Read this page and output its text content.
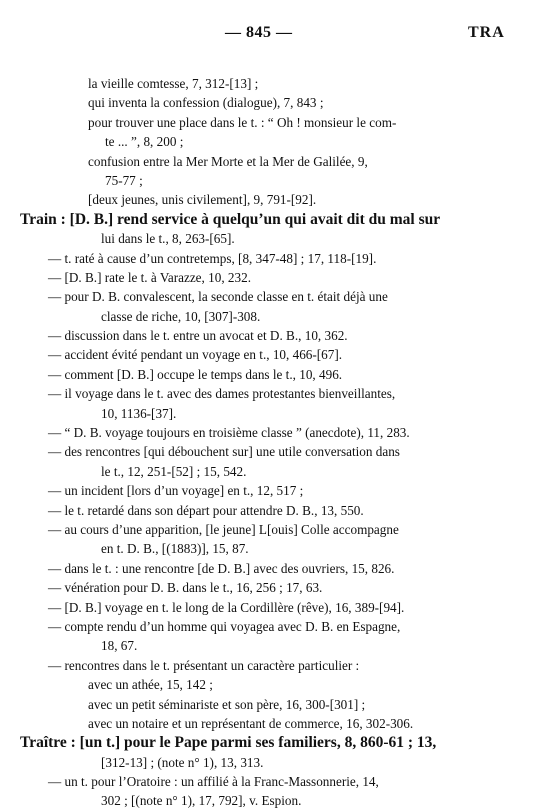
— 845 —	TRA
la vieille comtesse, 7, 312-[13] ;
qui inventa la confession (dialogue), 7, 843 ;
pour trouver une place dans le t. : “ Oh ! monsieur le com-
te ... ”, 8, 200 ;
confusion entre la Mer Morte et la Mer de Galilée, 9,
75-77 ;
[deux jeunes, unis civilement], 9, 791-[92].
Train : [D. B.] rend service à quelqu’un qui avait dit du mal sur
lui dans le t., 8, 263-[65].
— t. raté à cause d’un contretemps, [8, 347-48] ; 17, 118-[19].
— [D. B.] rate le t. à Varazze, 10, 232.
— pour D. B. convalescent, la seconde classe en t. était déjà une
classe de riche, 10, [307]-308.
— discussion dans le t. entre un avocat et D. B., 10, 362.
— accident évité pendant un voyage en t., 10, 466-[67].
— comment [D. B.] occupe le temps dans le t., 10, 496.
— il voyage dans le t. avec des dames protestantes bienveillantes,
10, 1136-[37].
— “ D. B. voyage toujours en troisième classe ” (anecdote), 11, 283.
— des rencontres [qui débouchent sur] une utile conversation dans
le t., 12, 251-[52] ; 15, 542.
— un incident [lors d’un voyage] en t., 12, 517 ;
— le t. retardé dans son départ pour attendre D. B., 13, 550.
— au cours d’une apparition, [le jeune] L[ouis] Colle accompagne
en t. D. B., [(1883)], 15, 87.
— dans le t. : une rencontre [de D. B.] avec des ouvriers, 15, 826.
— vénération pour D. B. dans le t., 16, 256 ; 17, 63.
— [D. B.] voyage en t. le long de la Cordillère (rêve), 16, 389-[94].
— compte rendu d’un homme qui voyagea avec D. B. en Espagne,
18, 67.
— rencontres dans le t. présentant un caractère particulier :
avec un athée, 15, 142 ;
avec un petit séminariste et son père, 16, 300-[301] ;
avec un notaire et un représentant de commerce, 16, 302-306.
Traître : [un t.] pour le Pape parmi ses familiers, 8, 860-61 ; 13,
[312-13] ; (note n° 1), 13, 313.
— un t. pour l’Oratoire : un affilié à la Franc-Massonnerie, 14,
302 ; [(note n° 1), 17, 792], v. Espion.
